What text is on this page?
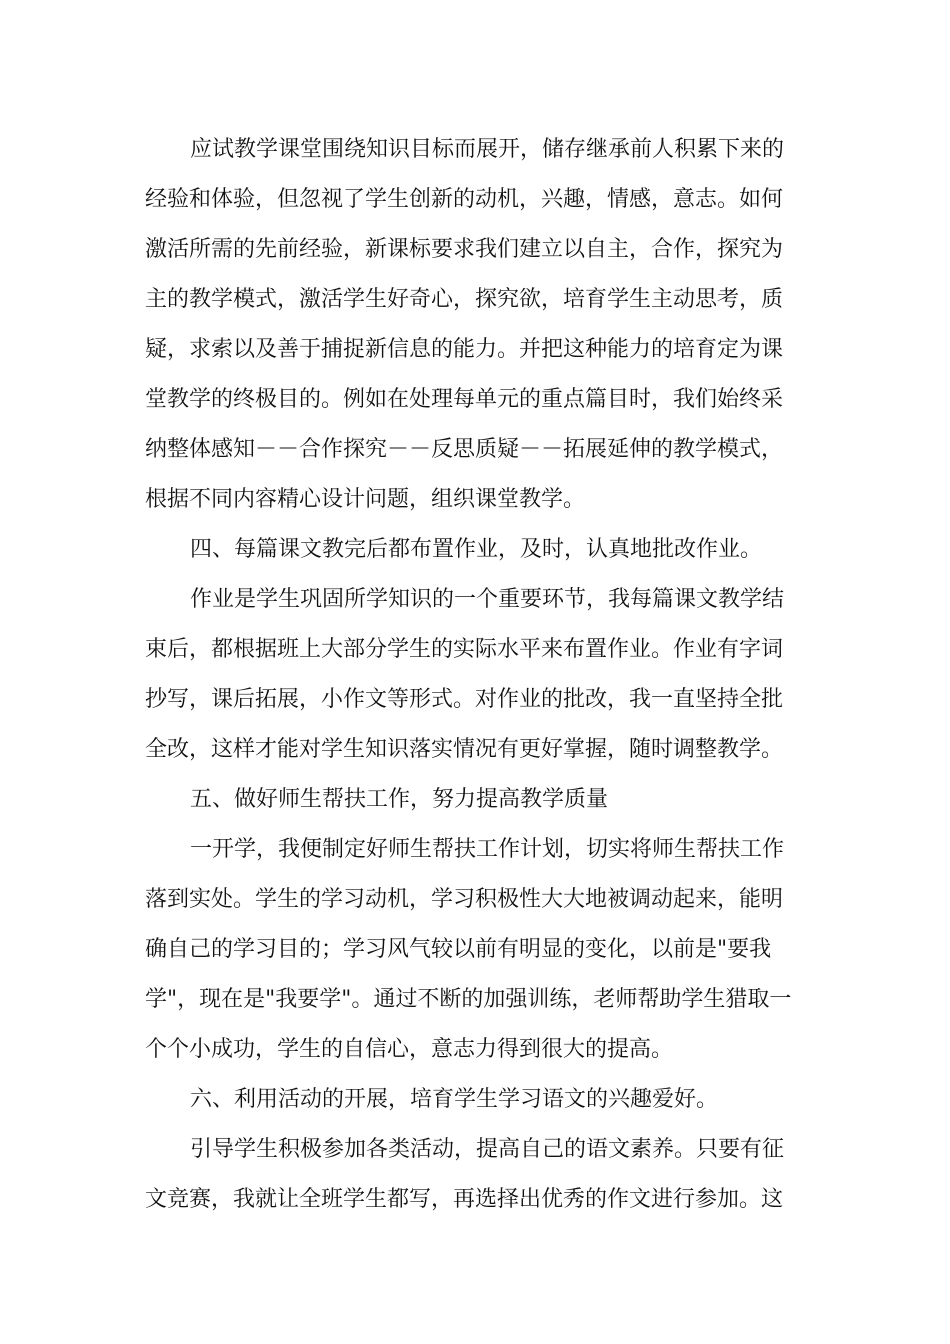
应试教学课堂围绕知识目标而展开，储存继承前人积累下来的
经验和体验，但忽视了学生创新的动机，兴趣，情感，意志。如何
激活所需的先前经验，新课标要求我们建立以自主，合作，探究为
主的教学模式，激活学生好奇心，探究欲，培育学生主动思考，质
疑，求索以及善于捕捉新信息的能力。并把这种能力的培育定为课
堂教学的终极目的。例如在处理每单元的重点篇目时，我们始终采
纳整体感知－－合作探究－－反思质疑－－拓展延伸的教学模式，
根据不同内容精心设计问题，组织课堂教学。
四、每篇课文教完后都布置作业，及时，认真地批改作业。
作业是学生巩固所学知识的一个重要环节，我每篇课文教学结
束后，都根据班上大部分学生的实际水平来布置作业。作业有字词
抄写，课后拓展，小作文等形式。对作业的批改，我一直坚持全批
全改，这样才能对学生知识落实情况有更好掌握，随时调整教学。
五、做好师生帮扶工作，努力提高教学质量
一开学，我便制定好师生帮扶工作计划，切实将师生帮扶工作
落到实处。学生的学习动机，学习积极性大大地被调动起来，能明
确自己的学习目的；学习风气较以前有明显的变化，以前是"要我
学"，现在是"我要学"。通过不断的加强训练，老师帮助学生猎取一
个个小成功，学生的自信心，意志力得到很大的提高。
六、利用活动的开展，培育学生学习语文的兴趣爱好。
引导学生积极参加各类活动，提高自己的语文素养。只要有征
文竞赛，我就让全班学生都写，再选择出优秀的作文进行参加。这
